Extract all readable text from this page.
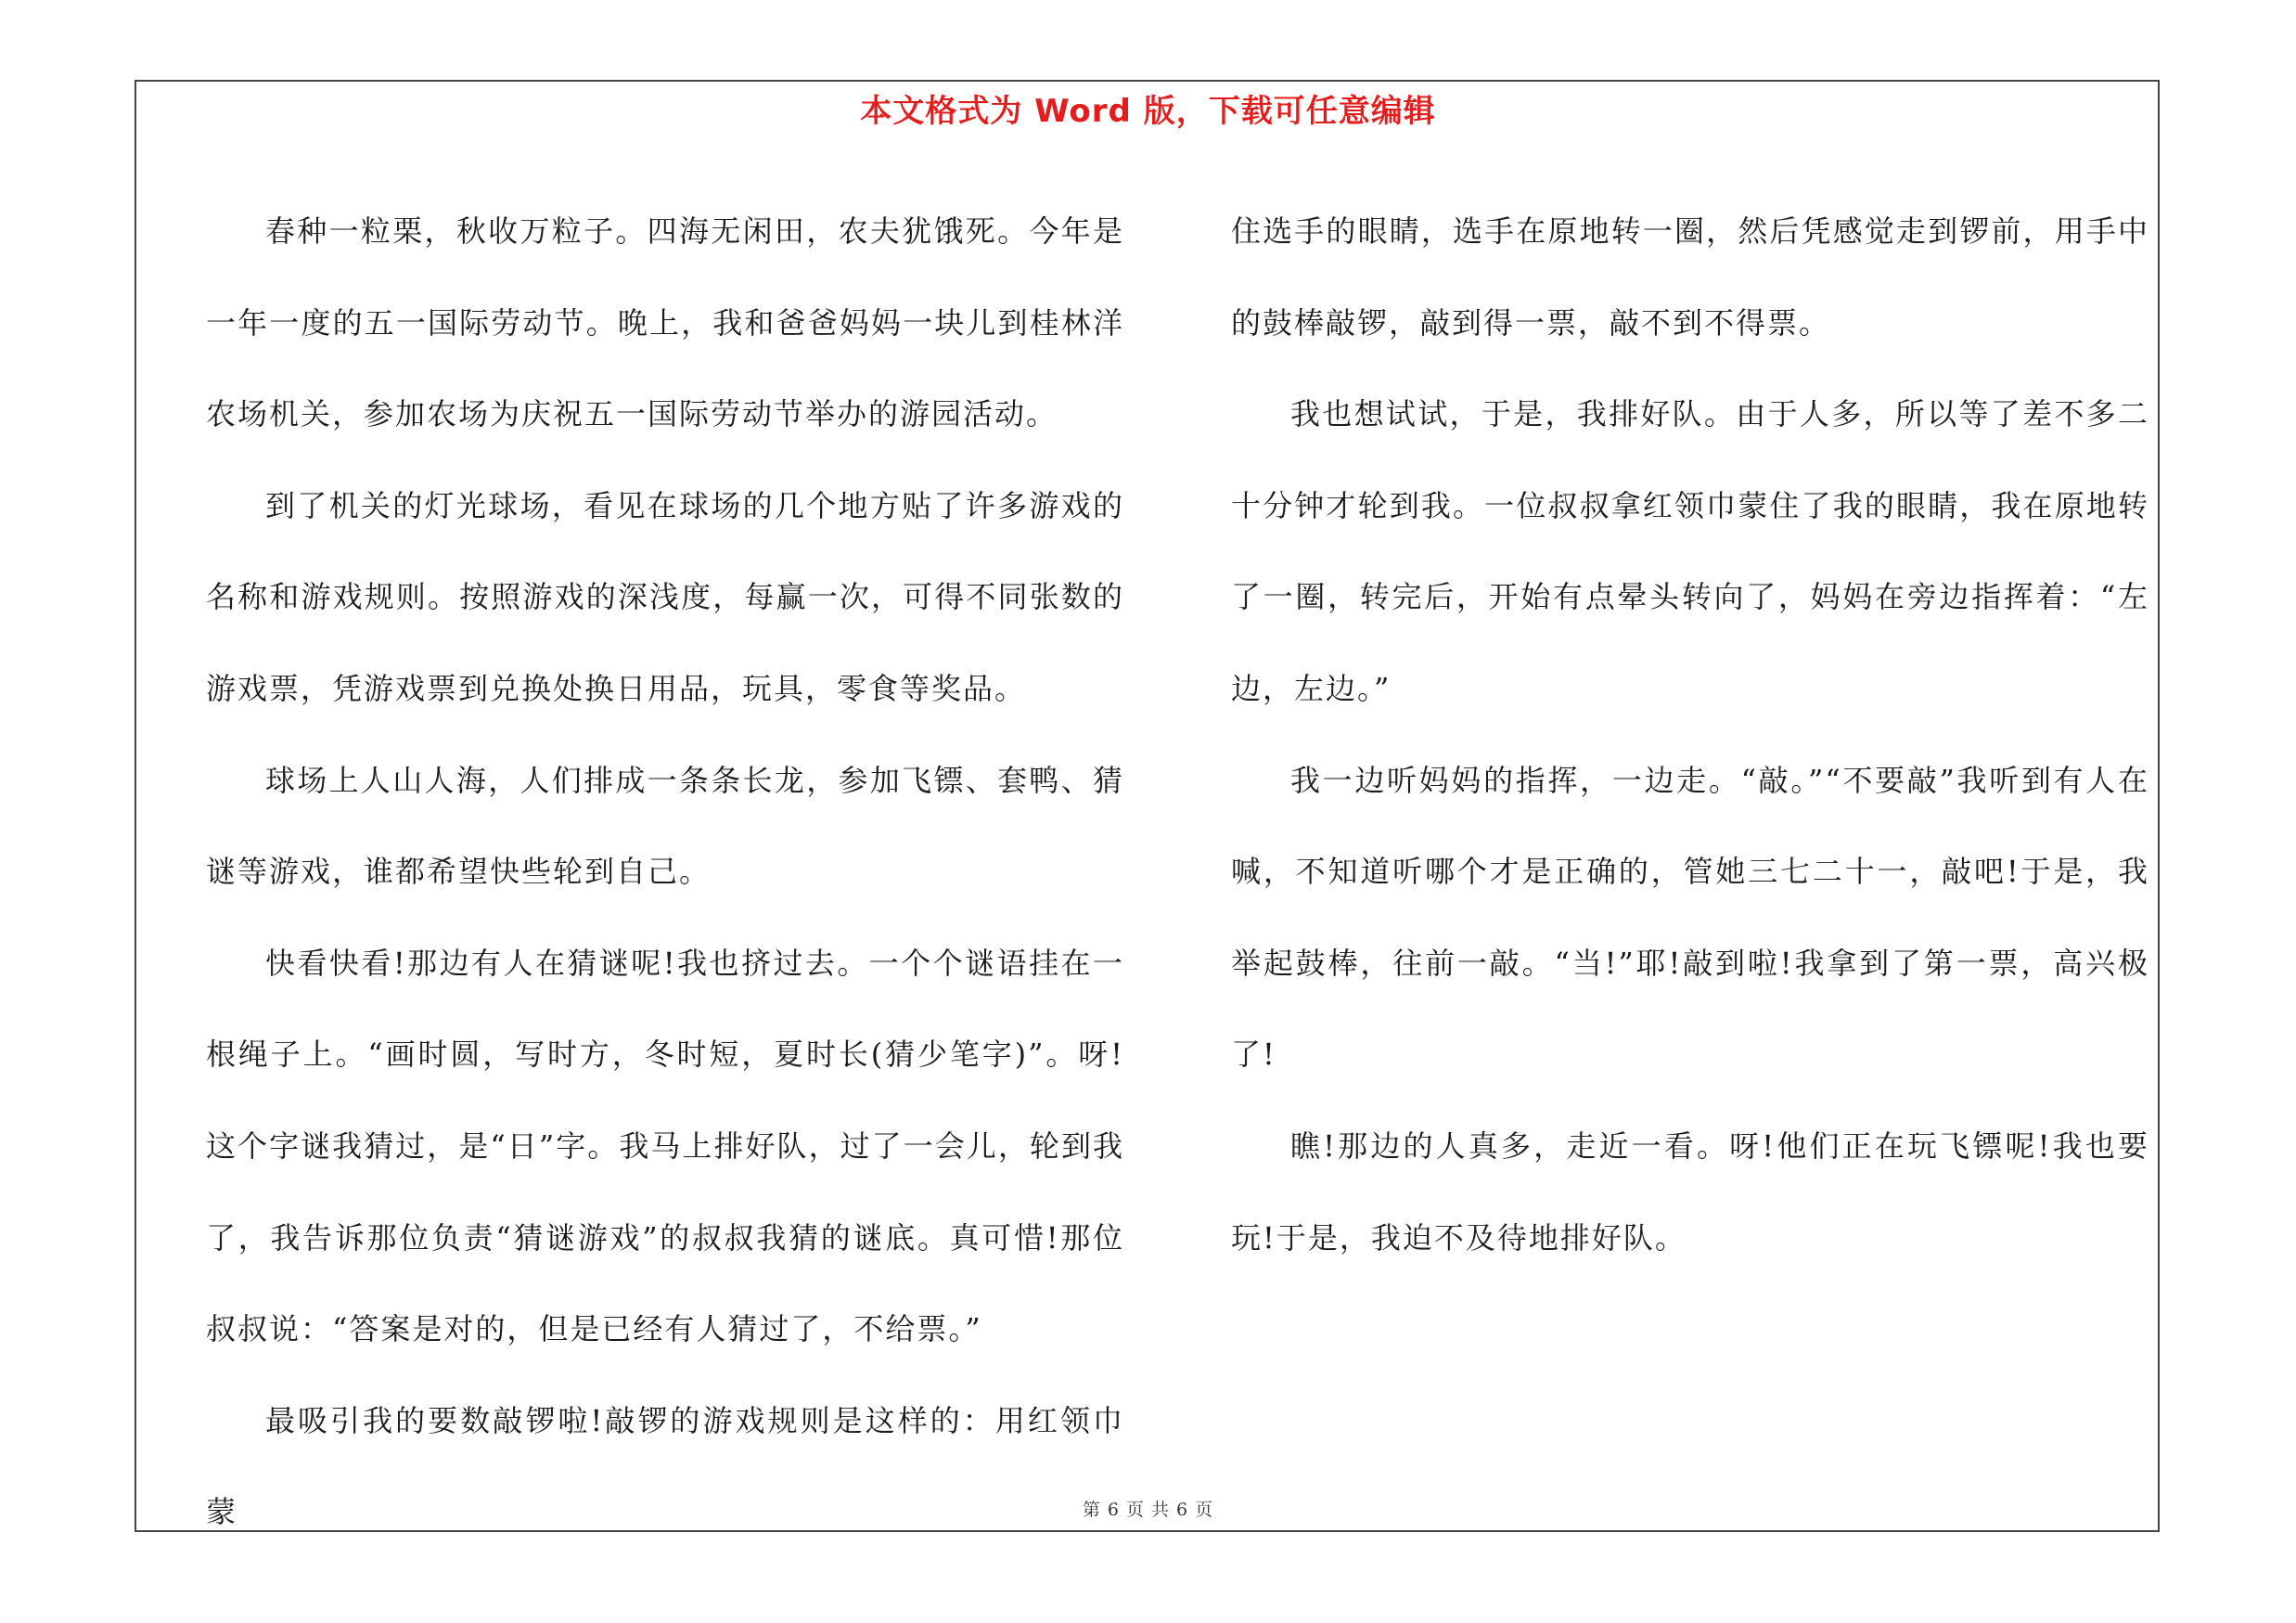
本文格式为 Word 版，下载可任意编辑

春种一粒栗，秋收万粒子。四海无闲田，农夫犹饿死。今年是一年一度的五一国际劳动节。晚上，我和爸爸妈妈一块儿到桂林洋农场机关，参加农场为庆祝五一国际劳动节举办的游园活动。

到了机关的灯光球场，看见在球场的几个地方贴了许多游戏的名称和游戏规则。按照游戏的深浅度，每赢一次，可得不同张数的游戏票，凭游戏票到兑换处换日用品，玩具，零食等奖品。

球场上人山人海，人们排成一条条长龙，参加飞镖、套鸭、猜谜等游戏，谁都希望快些轮到自己。

快看快看!那边有人在猜谜呢!我也挤过去。一个个谜语挂在一根绳子上。“画时圆，写时方，冬时短，夏时长(猜少笔字)”。呀!这个字谜我猜过，是“日”字。我马上排好队，过了一会儿，轮到我了，我告诉那位负责“猜谜游戏”的叔叔我猜的谜底。真可惜!那位叔叔说：“答案是对的，但是已经有人猜过了，不给票。”

最吸引我的要数敲锣啦!敲锣的游戏规则是这样的：用红领巾蒙

住选手的眼睛，选手在原地转一圈，然后凭感觉走到锣前，用手中的鼓棒敲锣，敲到得一票，敲不到不得票。

我也想试试，于是，我排好队。由于人多，所以等了差不多二十分钟才轮到我。一位叔叔拿红领巾蒙住了我的眼睛，我在原地转了一圈，转完后，开始有点晕头转向了，妈妈在旁边指挥着：“左边，左边。”

我一边听妈妈的指挥，一边走。“敲。”“不要敲”我听到有人在喊，不知道听哪个才是正确的，管她三七二十一，敲吧!于是，我举起鼓棒，往前一敲。“当!”耶!敲到啦!我拿到了第一票，高兴极了!

瞧!那边的人真多，走近一看。呀!他们正在玩飞镖呢!我也要玩!于是，我迫不及待地排好队。

第 6 页 共 6 页
